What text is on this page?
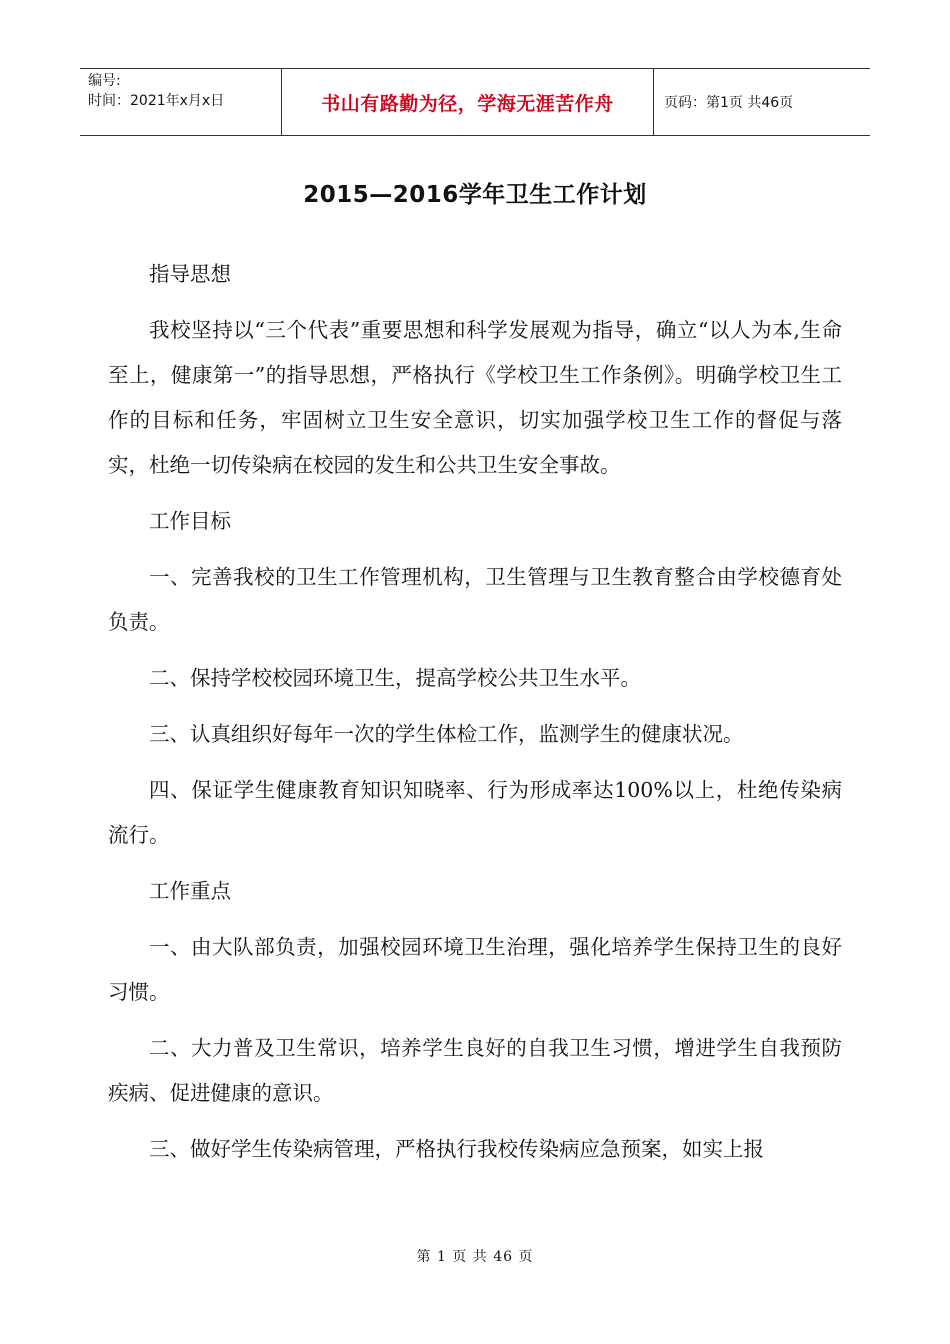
编号:
时间：2021年x月x日	书山有路勤为径，学海无涯苦作舟	页码：第1页 共46页
2015—2016学年卫生工作计划

指导思想

我校坚持以“三个代表”重要思想和科学发展观为指导，确立“以人为本,生命至上，健康第一”的指导思想，严格执行《学校卫生工作条例》。明确学校卫生工作的目标和任务，牢固树立卫生安全意识，切实加强学校卫生工作的督促与落实，杜绝一切传染病在校园的发生和公共卫生安全事故。

工作目标

一、完善我校的卫生工作管理机构，卫生管理与卫生教育整合由学校德育处负责。

二、保持学校校园环境卫生，提高学校公共卫生水平。

三、认真组织好每年一次的学生体检工作，监测学生的健康状况。

四、保证学生健康教育知识知晓率、行为形成率达100%以上，杜绝传染病流行。

工作重点

一、由大队部负责，加强校园环境卫生治理，强化培养学生保持卫生的良好习惯。

二、大力普及卫生常识，培养学生良好的自我卫生习惯，增进学生自我预防疾病、促进健康的意识。

三、做好学生传染病管理，严格执行我校传染病应急预案，如实上报

第 1 页 共 46 页
